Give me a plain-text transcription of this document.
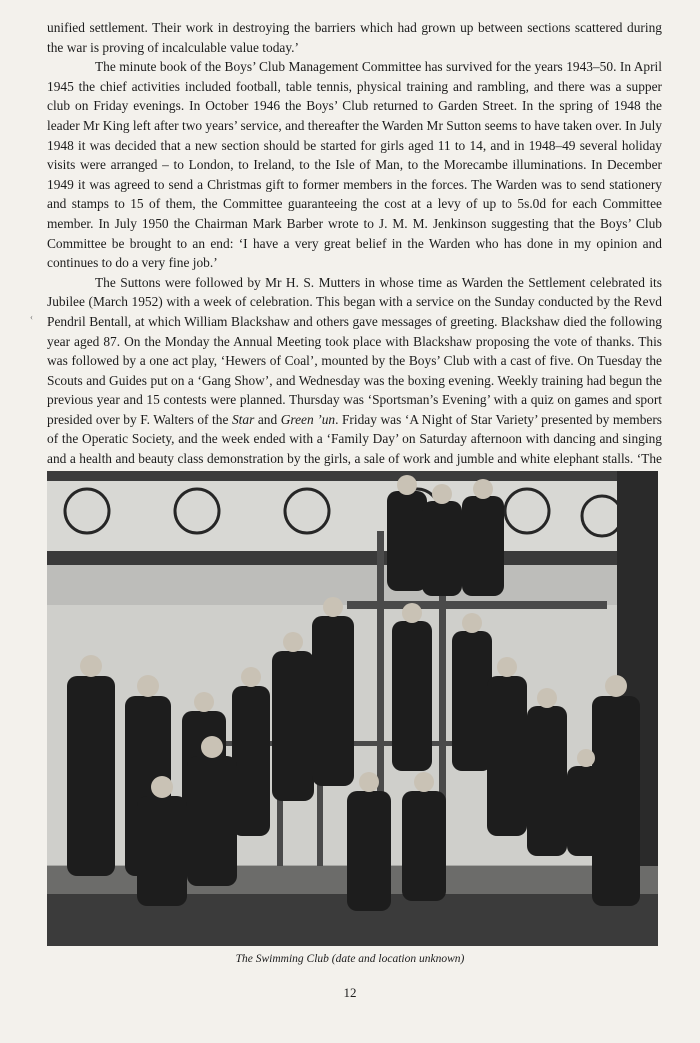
unified settlement. Their work in destroying the barriers which had grown up between sections scattered during the war is proving of incalculable value today.’

The minute book of the Boys’ Club Management Committee has survived for the years 1943–50. In April 1945 the chief activities included football, table tennis, physical training and rambling, and there was a supper club on Friday evenings. In October 1946 the Boys’ Club returned to Garden Street. In the spring of 1948 the leader Mr King left after two years’ service, and thereafter the Warden Mr Sutton seems to have taken over. In July 1948 it was decided that a new section should be started for girls aged 11 to 14, and in 1948–49 several holiday visits were arranged – to London, to Ireland, to the Isle of Man, to the Morecambe illuminations. In December 1949 it was agreed to send a Christmas gift to former members in the forces. The Warden was to send stationery and stamps to 15 of them, the Committee guaranteeing the cost at a levy of up to 5s.0d for each Committee member. In July 1950 the Chairman Mark Barber wrote to J. M. M. Jenkinson suggesting that the Boys’ Club Committee be brought to an end: ‘I have a very great belief in the Warden who has done in my opinion and continues to do a very fine job.’

The Suttons were followed by Mr H. S. Mutters in whose time as Warden the Settlement celebrated its Jubilee (March 1952) with a week of celebration. This began with a service on the Sunday conducted by the Revd Pendril Bentall, at which William Blackshaw and others gave messages of greeting. Blackshaw died the following year aged 87. On the Monday the Annual Meeting took place with Blackshaw proposing the vote of thanks. This was followed by a one act play, ‘Hewers of Coal’, mounted by the Boys’ Club with a cast of five. On Tuesday the Scouts and Guides put on a ‘Gang Show’, and Wednesday was the boxing evening. Weekly training had begun the previous year and 15 contests were planned. Thursday was ‘Sportsman’s Evening’ with a quiz on games and sport presided over by F. Walters of the Star and Green ’un. Friday was ‘A Night of Star Variety’ presented by members of the Operatic Society, and the week ended with a ‘Family Day’ on Saturday afternoon with dancing and singing and a health and beauty class demonstration by the girls, a sale of work and jumble and white elephant stalls. ‘The

‹
The Swimming Club (date and location unknown)
12
